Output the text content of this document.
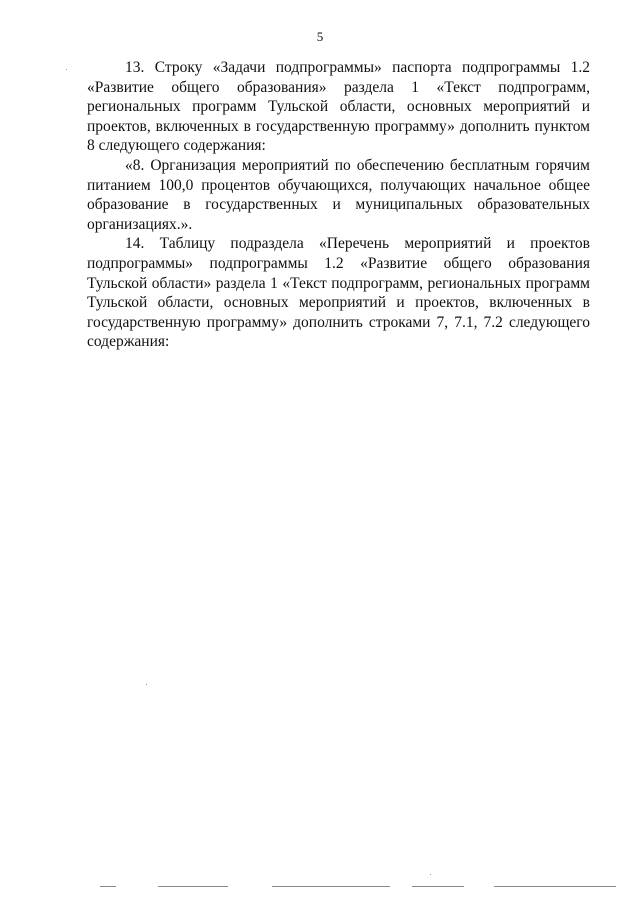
5

13. Строку «Задачи подпрограммы» паспорта подпрограммы 1.2 «Развитие общего образования» раздела 1 «Текст подпрограмм, региональных программ Тульской области, основных мероприятий и проектов, включенных в государственную программу» дополнить пунктом 8 следующего содержания:

«8. Организация мероприятий по обеспечению бесплатным горячим питанием 100,0 процентов обучающихся, получающих начальное общее образование в государственных и муниципальных образовательных организациях.».

14. Таблицу подраздела «Перечень мероприятий и проектов подпрограммы» подпрограммы 1.2 «Развитие общего образования Тульской области» раздела 1 «Текст подпрограмм, региональных программ Тульской области, основных мероприятий и проектов, включенных в государственную программу» дополнить строками 7, 7.1, 7.2 следующего содержания:
